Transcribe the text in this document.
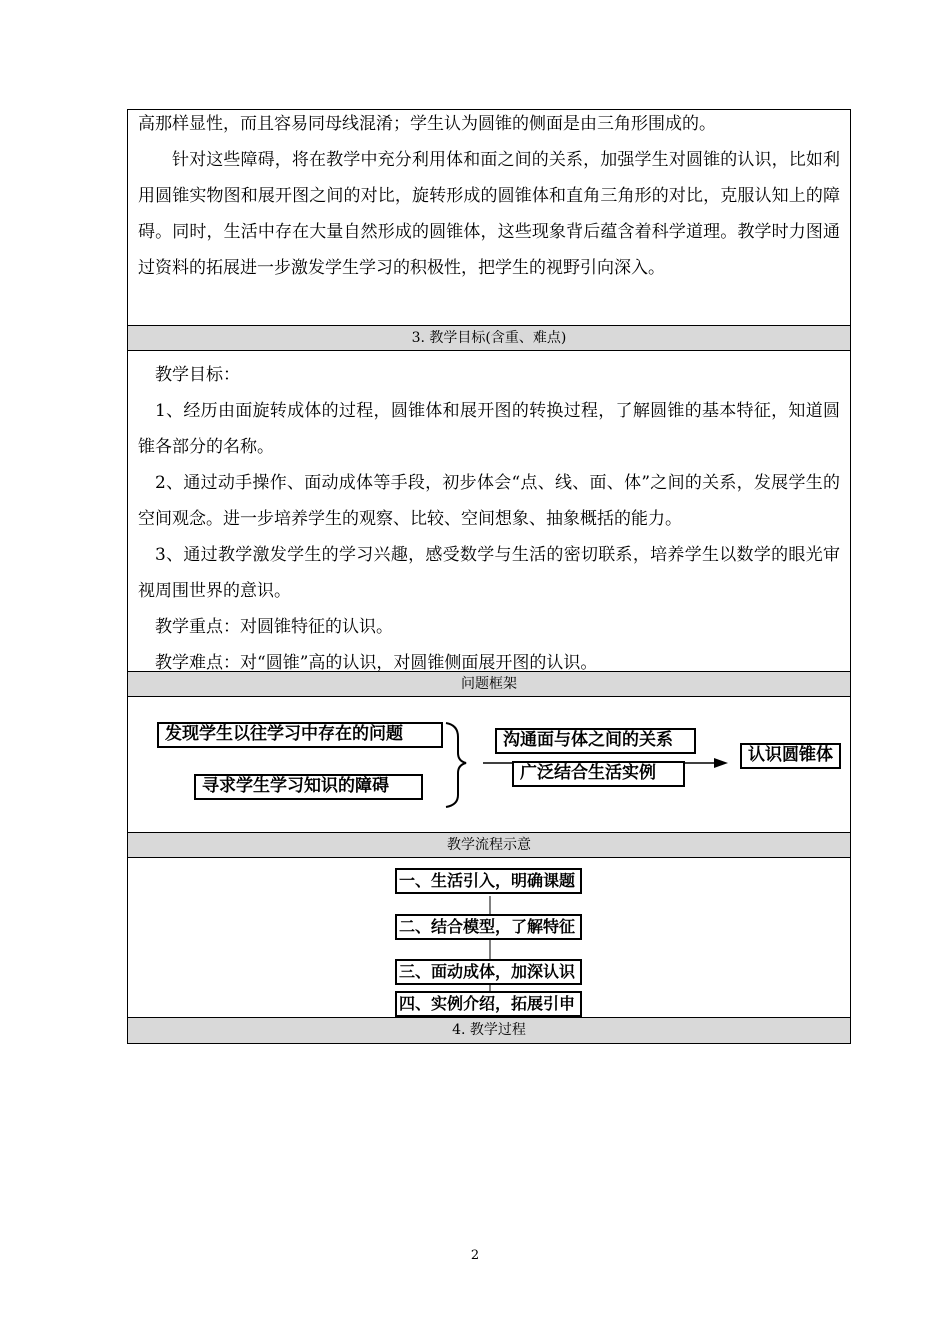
高那样显性，而且容易同母线混淆；学生认为圆锥的侧面是由三角形围成的。

针对这些障碍，将在教学中充分利用体和面之间的关系，加强学生对圆锥的认识，比如利用圆锥实物图和展开图之间的对比，旋转形成的圆锥体和直角三角形的对比，克服认知上的障碍。同时，生活中存在大量自然形成的圆锥体，这些现象背后蕴含着科学道理。教学时力图通过资料的拓展进一步激发学生学习的积极性，把学生的视野引向深入。

3. 教学目标(含重、难点)

教学目标：

1、经历由面旋转成体的过程，圆锥体和展开图的转换过程，了解圆锥的基本特征，知道圆锥各部分的名称。

2、通过动手操作、面动成体等手段，初步体会“点、线、面、体”之间的关系，发展学生的空间观念。进一步培养学生的观察、比较、空间想象、抽象概括的能力。

3、通过教学激发学生的学习兴趣，感受数学与生活的密切联系，培养学生以数学的眼光审视周围世界的意识。

教学重点：对圆锥特征的认识。

教学难点：对“圆锥”高的认识，对圆锥侧面展开图的认识。

问题框架
发现学生以往学习中存在的问题
寻求学生学习知识的障碍
沟通面与体之间的关系
广泛结合生活实例
认识圆锥体
教学流程示意
一、生活引入，明确课题
二、结合模型，了解特征
三、面动成体，加深认识
四、实例介绍，拓展引申
4. 教学过程
2
